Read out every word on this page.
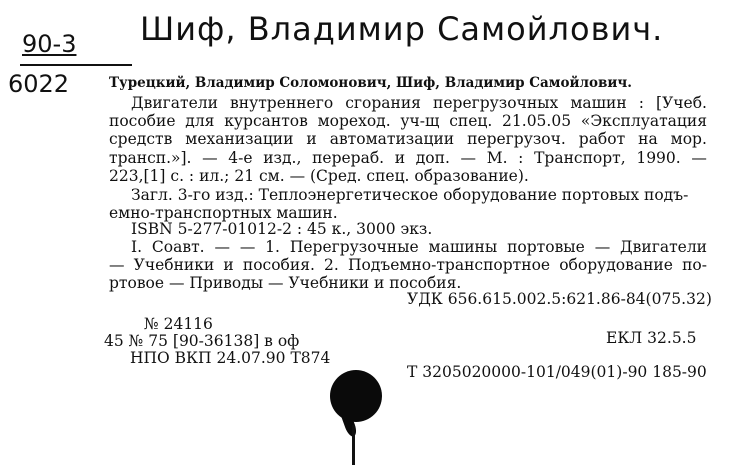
Шиф, Владимир Самойлович.
90-3
6022	Турецкий, Владимир Соломонович, Шиф, Владимир Самойлович.
Двигатели внутреннего сгорания перегрузочных машин : [Учеб.
пособие для курсантов мореход. уч-щ спец. 21.05.05 «Эксплуатация
средств механизации и автоматизации перегрузоч. работ на мор.
трансп.»]. — 4-е изд., перераб. и доп. — М. : Транспорт, 1990. —
223,[1] с. : ил.; 21 см. — (Сред. спец. образование).
Загл. 3-го изд.: Теплоэнергетическое оборудование портовых подъ-
емно-транспортных машин.
ISBN 5-277-01012-2 : 45 к., 3000 экз.
I. Соавт. — — 1. Перегрузочные машины портовые — Двигатели
— Учебники и пособия. 2. Подъемно-транспортное оборудование по-
ртовое — Приводы — Учебники и пособия.
УДК 656.615.002.5:621.86-84(075.32)
№ 24116
45 № 75 [90-36138] в оф
НПО ВКП 24.07.90 Т874
ЕКЛ 32.5.5
Т 3205020000-101/049(01)-90 185-90
